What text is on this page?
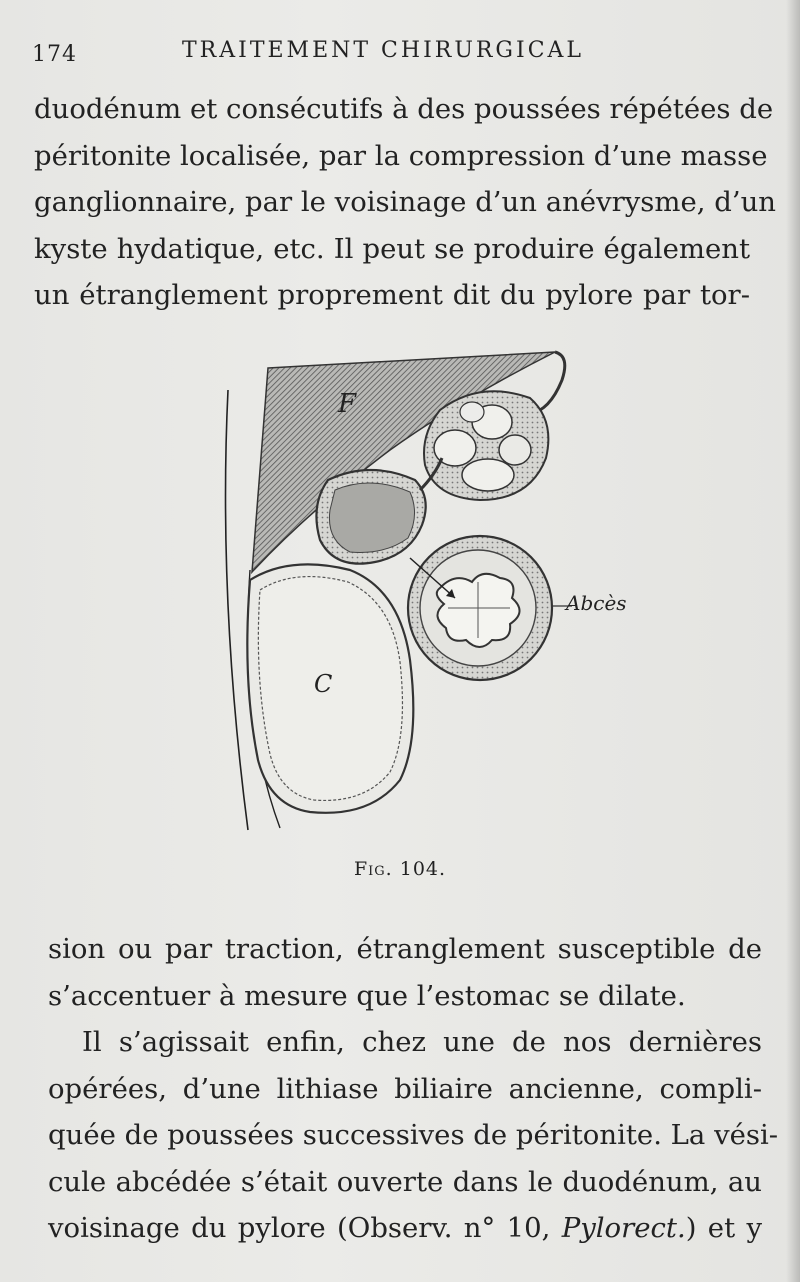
174	TRAITEMENT CHIRURGICAL
duodénum et consécutifs à des poussées répétées de
péritonite localisée, par la compression d’une masse
ganglionnaire, par le voisinage d’un anévrysme, d’un
kyste hydatique, etc. Il peut se produire également
un étranglement proprement dit du pylore par tor-
F
Abcès
C
Fig. 104.
sion ou par traction, étranglement susceptible de
s’accentuer à mesure que l’estomac se dilate.
Il s’agissait enfin, chez une de nos dernières
opérées, d’une lithiase biliaire ancienne, compli-
quée de poussées successives de péritonite. La vési-
cule abcédée s’était ouverte dans le duodénum, au
voisinage du pylore (Observ. n° 10, Pylorect.) et y
